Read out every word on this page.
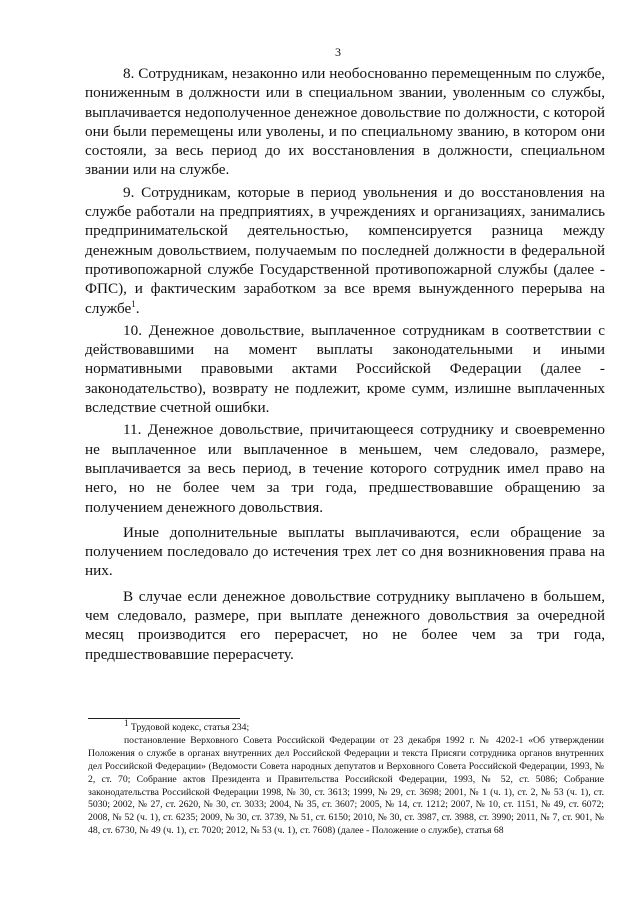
3

8. Сотрудникам, незаконно или необоснованно перемещенным по службе, пониженным в должности или в специальном звании, уволенным со службы, выплачивается недополученное денежное довольствие по должности, с которой они были перемещены или уволены, и по специальному званию, в котором они состояли, за весь период до их восстановления в должности, специальном звании или на службе.

9. Сотрудникам, которые в период увольнения и до восстановления на службе работали на предприятиях, в учреждениях и организациях, занимались предпринимательской деятельностью, компенсируется разница между денежным довольствием, получаемым по последней должности в федеральной противопожарной службе Государственной противопожарной службы (далее - ФПС), и фактическим заработком за все время вынужденного перерыва на службе$^1$.

10. Денежное довольствие, выплаченное сотрудникам в соответствии с действовавшими на момент выплаты законодательными и иными нормативными правовыми актами Российской Федерации (далее - законодательство), возврату не подлежит, кроме сумм, излишне выплаченных вследствие счетной ошибки.

11. Денежное довольствие, причитающееся сотруднику и своевременно не выплаченное или выплаченное в меньшем, чем следовало, размере, выплачивается за весь период, в течение которого сотрудник имел право на него, но не более чем за три года, предшествовавшие обращению за получением денежного довольствия.

Иные дополнительные выплаты выплачиваются, если обращение за получением последовало до истечения трех лет со дня возникновения права на них.

В случае если денежное довольствие сотруднику выплачено в большем, чем следовало, размере, при выплате денежного довольствия за очередной месяц производится его перерасчет, но не более чем за три года, предшествовавшие перерасчету.

$^1$ Трудовой кодекс, статья 234;

постановление Верховного Совета Российской Федерации от 23 декабря 1992 г. № 4202-1 «Об утверждении Положения о службе в органах внутренних дел Российской Федерации и текста Присяги сотрудника органов внутренних дел Российской Федерации» (Ведомости Совета народных депутатов и Верховного Совета Российской Федерации, 1993, № 2, ст. 70; Собрание актов Президента и Правительства Российской Федерации, 1993, № 52, ст. 5086; Собрание законодательства Российской Федерации 1998, № 30, ст. 3613; 1999, № 29, ст. 3698; 2001, № 1 (ч. 1), ст. 2, № 53 (ч. 1), ст. 5030; 2002, № 27, ст. 2620, № 30, ст. 3033; 2004, № 35, ст. 3607; 2005, № 14, ст. 1212; 2007, № 10, ст. 1151, № 49, ст. 6072; 2008, № 52 (ч. 1), ст. 6235; 2009, № 30, ст. 3739, № 51, ст. 6150; 2010, № 30, ст. 3987, ст. 3988, ст. 3990; 2011, № 7, ст. 901, № 48, ст. 6730, № 49 (ч. 1), ст. 7020; 2012, № 53 (ч. 1), ст. 7608) (далее - Положение о службе), статья 68
